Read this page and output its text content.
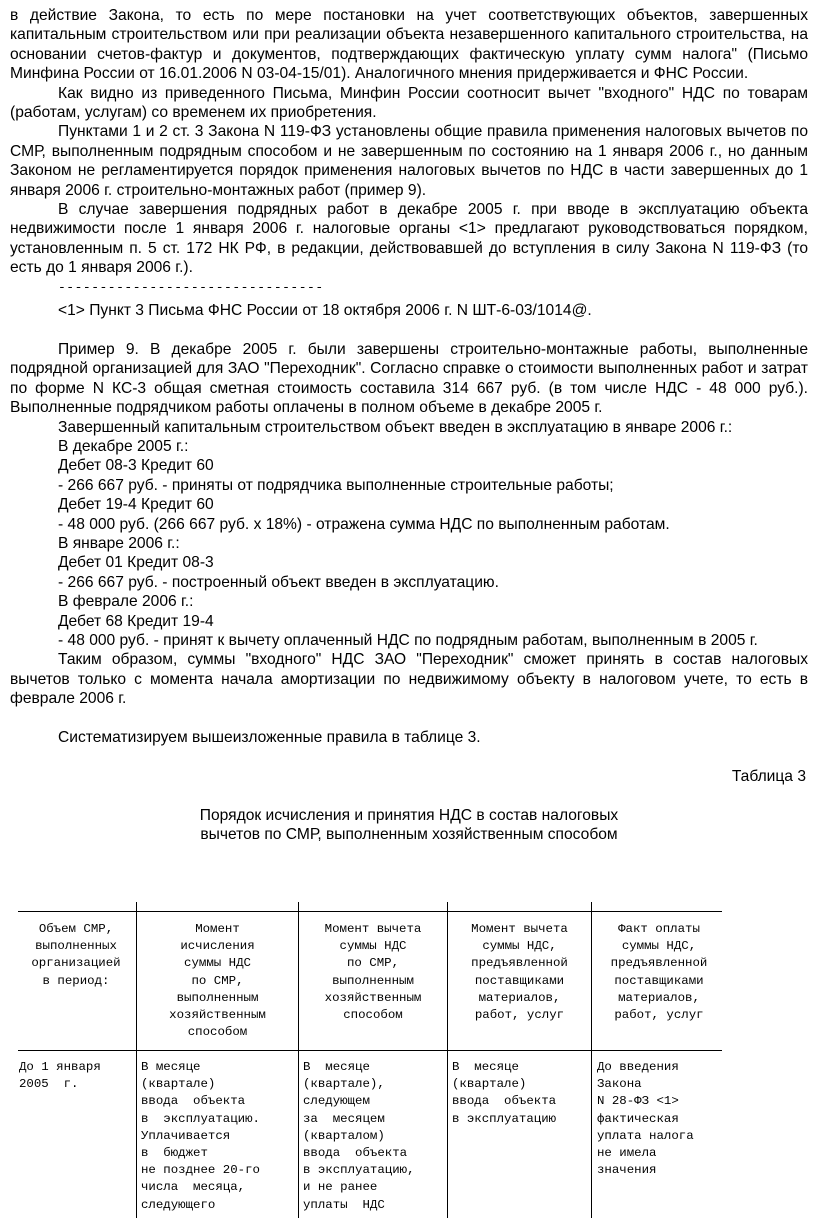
в действие Закона, то есть по мере постановки на учет соответствующих объектов, завершенных капитальным строительством или при реализации объекта незавершенного капитального строительства, на основании счетов-фактур и документов, подтверждающих фактическую уплату сумм налога" (Письмо Минфина России от 16.01.2006 N 03-04-15/01). Аналогичного мнения придерживается и ФНС России.

Как видно из приведенного Письма, Минфин России соотносит вычет "входного" НДС по товарам (работам, услугам) со временем их приобретения.

Пунктами 1 и 2 ст. 3 Закона N 119-ФЗ установлены общие правила применения налоговых вычетов по СМР, выполненным подрядным способом и не завершенным по состоянию на 1 января 2006 г., но данным Законом не регламентируется порядок применения налоговых вычетов по НДС в части завершенных до 1 января 2006 г. строительно-монтажных работ (пример 9).

В случае завершения подрядных работ в декабре 2005 г. при вводе в эксплуатацию объекта недвижимости после 1 января 2006 г. налоговые органы <1> предлагают руководствоваться порядком, установленным п. 5 ст. 172 НК РФ, в редакции, действовавшей до вступления в силу Закона N 119-ФЗ (то есть до 1 января 2006 г.).

--------------------------------

<1> Пункт 3 Письма ФНС России от 18 октября 2006 г. N ШТ-6-03/1014@.

Пример 9. В декабре 2005 г. были завершены строительно-монтажные работы, выполненные подрядной организацией для ЗАО "Переходник". Согласно справке о стоимости выполненных работ и затрат по форме N КС-3 общая сметная стоимость составила 314 667 руб. (в том числе НДС - 48 000 руб.). Выполненные подрядчиком работы оплачены в полном объеме в декабре 2005 г.

Завершенный капитальным строительством объект введен в эксплуатацию в январе 2006 г.:

В декабре 2005 г.:

Дебет 08-3 Кредит 60

- 266 667 руб. - приняты от подрядчика выполненные строительные работы;

Дебет 19-4 Кредит 60

- 48 000 руб. (266 667 руб. x 18%) - отражена сумма НДС по выполненным работам.

В январе 2006 г.:

Дебет 01 Кредит 08-3

- 266 667 руб. - построенный объект введен в эксплуатацию.

В феврале 2006 г.:

Дебет 68 Кредит 19-4

- 48 000 руб. - принят к вычету оплаченный НДС по подрядным работам, выполненным в 2005 г.

Таким образом, суммы "входного" НДС ЗАО "Переходник" сможет принять в состав налоговых вычетов только с момента начала амортизации по недвижимому объекту в налоговом учете, то есть в феврале 2006 г.

Систематизируем вышеизложенные правила в таблице 3.

Таблица 3

Порядок исчисления и принятия НДС в состав налоговых

вычетов по СМР, выполненным хозяйственным способом

Объем СМР,
выполненных
организацией
в период:
Момент
исчисления
суммы НДС
по СМР,
выполненным
хозяйственным
способом
Момент вычета
суммы НДС
по СМР,
выполненным
хозяйственным
способом
Момент вычета
суммы НДС,
предъявленной
поставщиками
материалов,
работ, услуг
Факт оплаты
суммы НДС,
предъявленной
поставщиками
материалов,
работ, услуг
До 1 января
2005  г.
В месяце
(квартале)
ввода  объекта
в  эксплуатацию.
Уплачивается
в  бюджет
не позднее 20-го
числа  месяца,
следующего
В  месяце
(квартале),
следующем
за  месяцем
(кварталом)
ввода  объекта
в эксплуатацию,
и не ранее
уплаты  НДС
В  месяце
(квартале)
ввода  объекта
в эксплуатацию
До введения
Закона
N 28-ФЗ <1>
фактическая
уплата налога
не имела
значения
